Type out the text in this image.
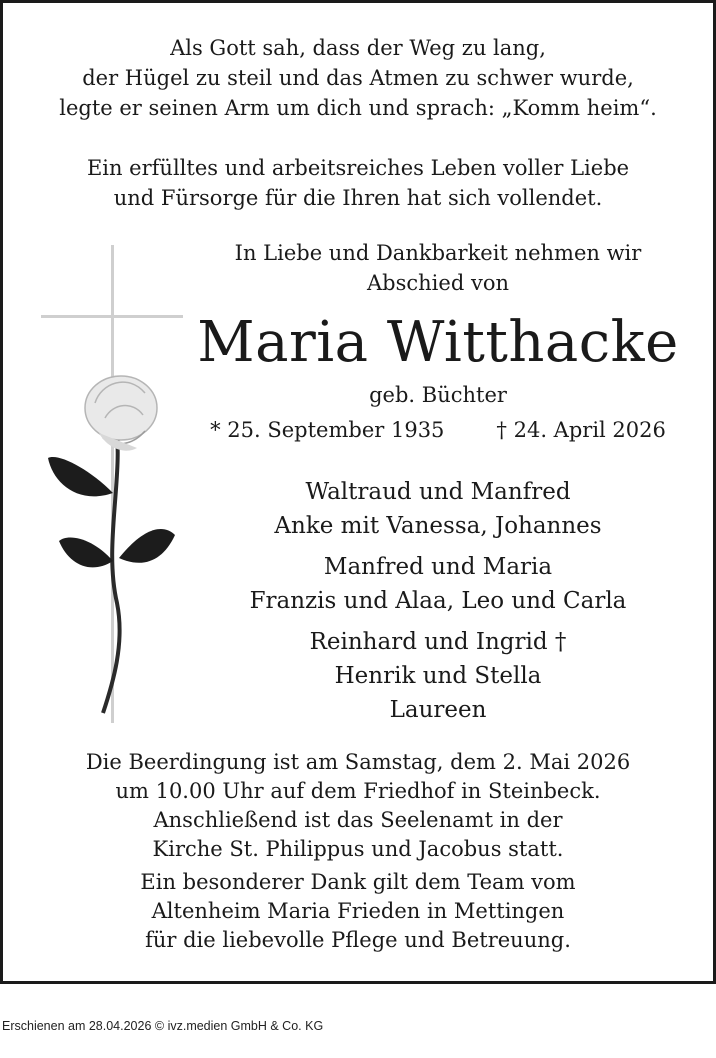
Als Gott sah, dass der Weg zu lang,
der Hügel zu steil und das Atmen zu schwer wurde,
legte er seinen Arm um dich und sprach: „Komm heim“.
Ein erfülltes und arbeitsreiches Leben voller Liebe
und Fürsorge für die Ihren hat sich vollendet.
In Liebe und Dankbarkeit nehmen wir
Abschied von
Maria Witthacke
geb. Büchter
* 25. September 1935 † 24. April 2026
Waltraud und Manfred
Anke mit Vanessa, Johannes
Manfred und Maria
Franzis und Alaa, Leo und Carla
Reinhard und Ingrid †
Henrik und Stella
Laureen
Die Beerdingung ist am Samstag, dem 2. Mai 2026
um 10.00 Uhr auf dem Friedhof in Steinbeck.
Anschließend ist das Seelenamt in der
Kirche St. Philippus und Jacobus statt.
Ein besonderer Dank gilt dem Team vom
Altenheim Maria Frieden in Mettingen
für die liebevolle Pflege und Betreuung.
Erschienen am 28.04.2026 © ivz.medien GmbH & Co. KG
